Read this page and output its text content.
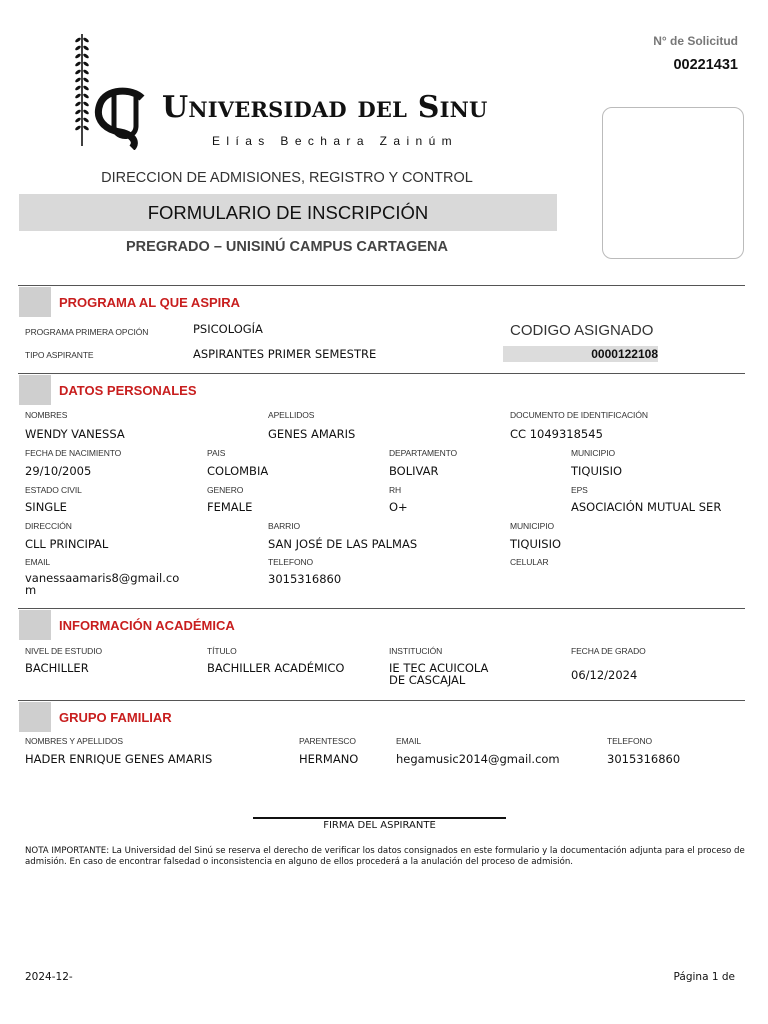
Universidad del Sinu
Elías Bechara Zainúm
DIRECCION DE ADMISIONES, REGISTRO Y CONTROL
FORMULARIO DE INSCRIPCIÓN
PREGRADO – UNISINÚ CAMPUS CARTAGENA
N° de Solicitud
00221431
PROGRAMA AL QUE ASPIRA
PROGRAMA PRIMERA OPCIÓN	PSICOLOGÍA
TIPO ASPIRANTE	ASPIRANTES PRIMER SEMESTRE
CODIGO ASIGNADO
0000122108
DATOS PERSONALES
NOMBRES
WENDY VANESSA
APELLIDOS
GENES AMARIS
DOCUMENTO DE IDENTIFICACIÓN
CC 1049318545
FECHA DE NACIMIENTO
29/10/2005
PAIS
COLOMBIA
DEPARTAMENTO
BOLIVAR
MUNICIPIO
TIQUISIO
ESTADO CIVIL
SINGLE
GENERO
FEMALE
RH
O+
EPS
ASOCIACIÓN MUTUAL SER
DIRECCIÓN
CLL PRINCIPAL
BARRIO
SAN JOSÉ DE LAS PALMAS
MUNICIPIO
TIQUISIO
EMAIL
vanessaamaris8@gmail.com
TELEFONO
3015316860
CELULAR
INFORMACIÓN ACADÉMICA
NIVEL DE ESTUDIO
BACHILLER
TÍTULO
BACHILLER ACADÉMICO
INSTITUCIÓN
IE TEC ACUICOLA DE CASCAJAL
FECHA DE GRADO
06/12/2024
GRUPO FAMILIAR
NOMBRES Y APELLIDOS
HADER ENRIQUE GENES AMARIS
PARENTESCO
HERMANO
EMAIL
hegamusic2014@gmail.com
TELEFONO
3015316860
FIRMA DEL ASPIRANTE
NOTA IMPORTANTE: La Universidad del Sinú se reserva el derecho de verificar los datos consignados en este formulario y la documentación adjunta para el proceso de admisión. En caso de encontrar falsedad o inconsistencia en alguno de ellos procederá a la anulación del proceso de admisión.
2024-12-	Página 1 de
